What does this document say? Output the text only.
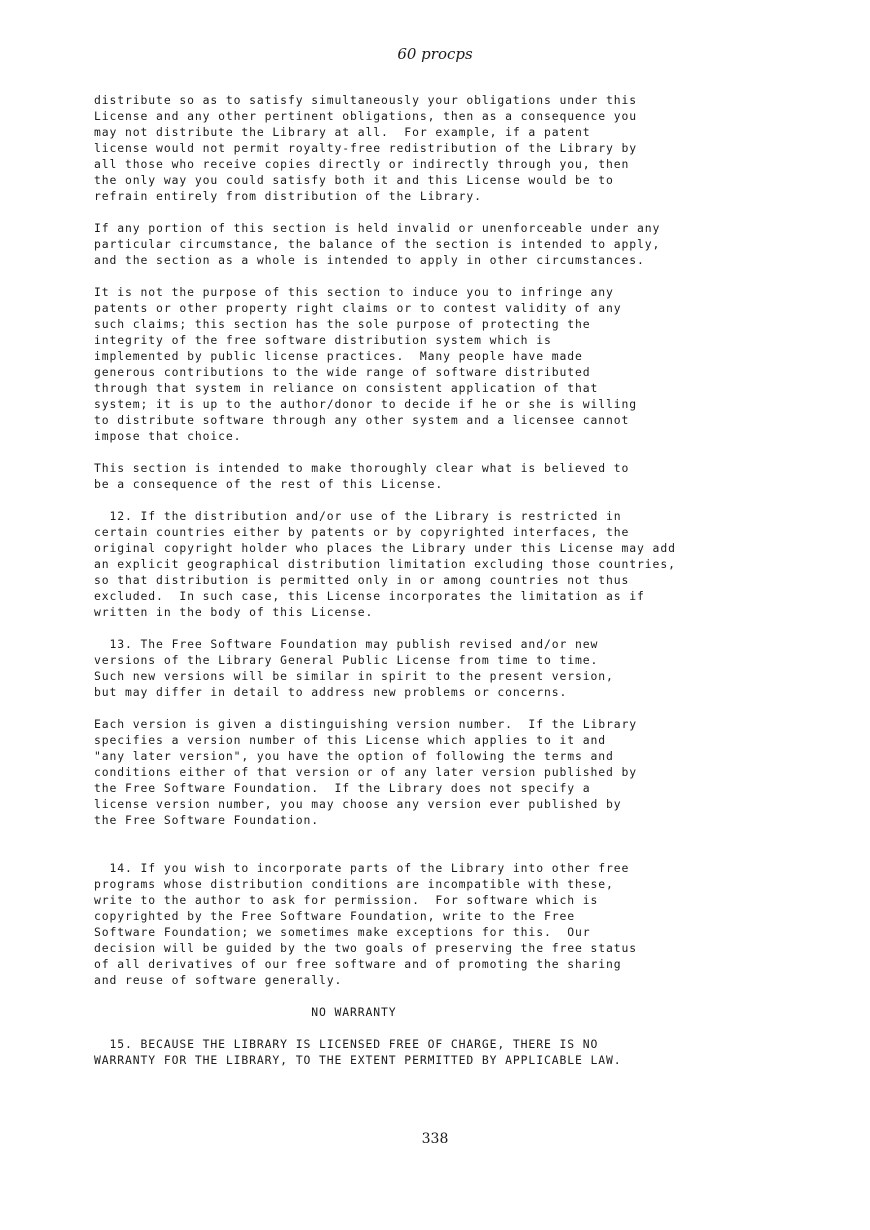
60 procps

distribute so as to satisfy simultaneously your obligations under this
License and any other pertinent obligations, then as a consequence you
may not distribute the Library at all.  For example, if a patent
license would not permit royalty-free redistribution of the Library by
all those who receive copies directly or indirectly through you, then
the only way you could satisfy both it and this License would be to
refrain entirely from distribution of the Library.

If any portion of this section is held invalid or unenforceable under any
particular circumstance, the balance of the section is intended to apply,
and the section as a whole is intended to apply in other circumstances.

It is not the purpose of this section to induce you to infringe any
patents or other property right claims or to contest validity of any
such claims; this section has the sole purpose of protecting the
integrity of the free software distribution system which is
implemented by public license practices.  Many people have made
generous contributions to the wide range of software distributed
through that system in reliance on consistent application of that
system; it is up to the author/donor to decide if he or she is willing
to distribute software through any other system and a licensee cannot
impose that choice.

This section is intended to make thoroughly clear what is believed to
be a consequence of the rest of this License.

12. If the distribution and/or use of the Library is restricted in
certain countries either by patents or by copyrighted interfaces, the
original copyright holder who places the Library under this License may add
an explicit geographical distribution limitation excluding those countries,
so that distribution is permitted only in or among countries not thus
excluded.  In such case, this License incorporates the limitation as if
written in the body of this License.

13. The Free Software Foundation may publish revised and/or new
versions of the Library General Public License from time to time.
Such new versions will be similar in spirit to the present version,
but may differ in detail to address new problems or concerns.

Each version is given a distinguishing version number.  If the Library
specifies a version number of this License which applies to it and
"any later version", you have the option of following the terms and
conditions either of that version or of any later version published by
the Free Software Foundation.  If the Library does not specify a
license version number, you may choose any version ever published by
the Free Software Foundation.

14. If you wish to incorporate parts of the Library into other free
programs whose distribution conditions are incompatible with these,
write to the author to ask for permission.  For software which is
copyrighted by the Free Software Foundation, write to the Free
Software Foundation; we sometimes make exceptions for this.  Our
decision will be guided by the two goals of preserving the free status
of all derivatives of our free software and of promoting the sharing
and reuse of software generally.

NO WARRANTY

15. BECAUSE THE LIBRARY IS LICENSED FREE OF CHARGE, THERE IS NO
WARRANTY FOR THE LIBRARY, TO THE EXTENT PERMITTED BY APPLICABLE LAW.

338
